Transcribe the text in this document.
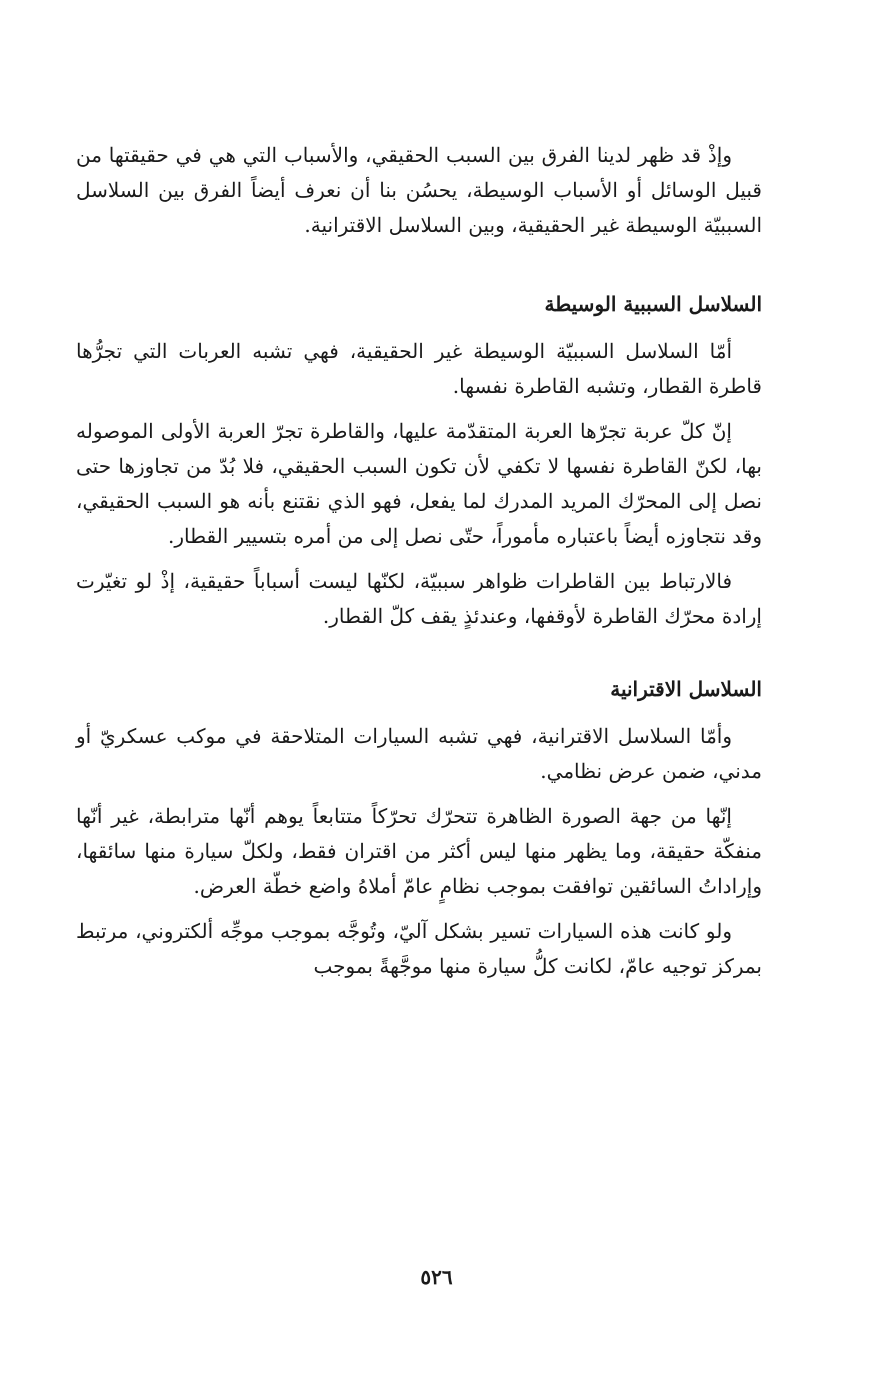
وإذْ قد ظهر لدينا الفرق بين السبب الحقيقي، والأسباب التي هي في حقيقتها من قبيل الوسائل أو الأسباب الوسيطة، يحسُن بنا أن نعرف أيضاً الفرق بين السلاسل السببيّة الوسيطة غير الحقيقية، وبين السلاسل الاقترانية.

السلاسل السببية الوسيطة

أمّا السلاسل السببيّة الوسيطة غير الحقيقية، فهي تشبه العربات التي تجرُّها قاطرة القطار، وتشبه القاطرة نفسها.

إنّ كلّ عربة تجرّها العربة المتقدّمة عليها، والقاطرة تجرّ العربة الأولى الموصوله بها، لكنّ القاطرة نفسها لا تكفي لأن تكون السبب الحقيقي، فلا بُدّ من تجاوزها حتى نصل إلى المحرّك المريد المدرك لما يفعل، فهو الذي نقتنع بأنه هو السبب الحقيقي، وقد نتجاوزه أيضاً باعتباره مأموراً، حتّى نصل إلى من أمره بتسيير القطار.

فالارتباط بين القاطرات ظواهر سببيّة، لكنّها ليست أسباباً حقيقية، إذْ لو تغيّرت إرادة محرّك القاطرة لأوقفها، وعندئذٍ يقف كلّ القطار.

السلاسل الاقترانية

وأمّا السلاسل الاقترانية، فهي تشبه السيارات المتلاحقة في موكب عسكريّ أو مدني، ضمن عرض نظامي.

إنّها من جهة الصورة الظاهرة تتحرّك تحرّكاً متتابعاً يوهم أنّها مترابطة، غير أنّها منفكّة حقيقة، وما يظهر منها ليس أكثر من اقتران فقط، ولكلّ سيارة منها سائقها، وإراداتُ السائقين توافقت بموجب نظامٍ عامّ أملاهُ واضع خطّة العرض.

ولو كانت هذه السيارات تسير بشكل آليّ، وتُوجَّه بموجب موجِّه ألكتروني، مرتبط بمركز توجيه عامّ، لكانت كلُّ سيارة منها موجَّهةً بموجب

٥٢٦
